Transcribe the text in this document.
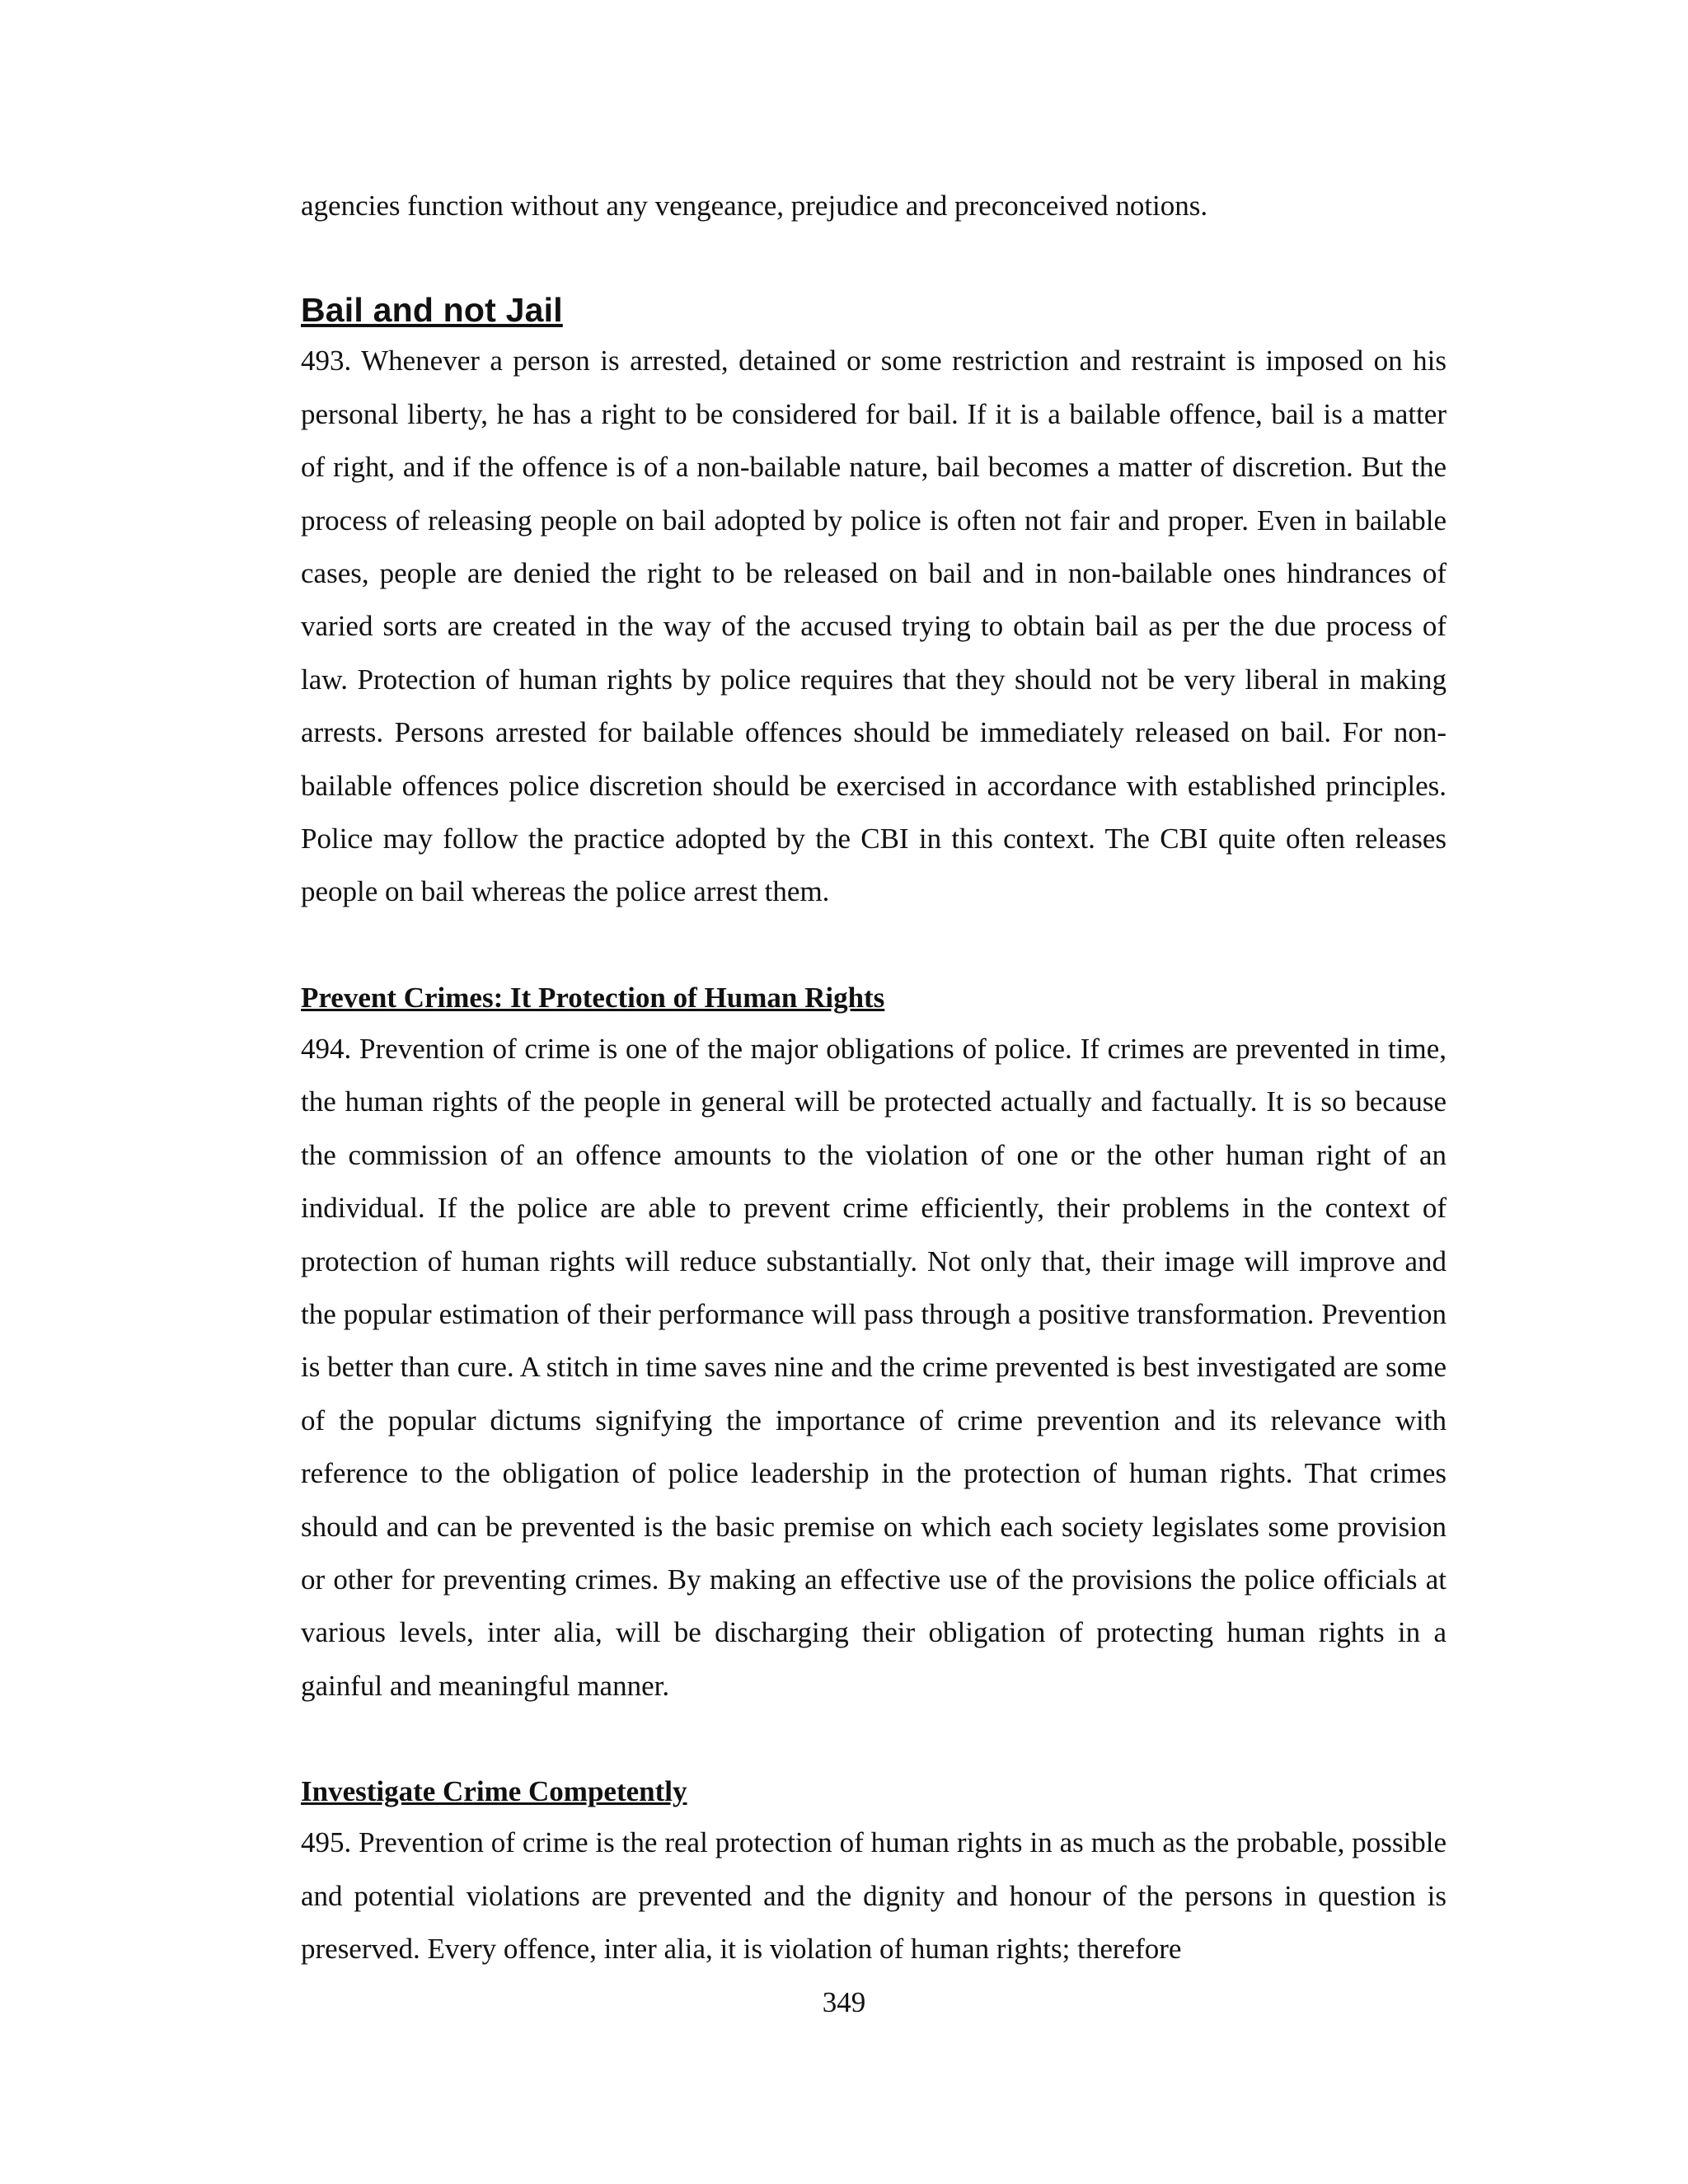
agencies function without any vengeance, prejudice and preconceived notions.

Bail and not Jail

493. Whenever a person is arrested, detained or some restriction and restraint is imposed on his personal liberty, he has a right to be considered for bail. If it is a bailable offence, bail is a matter of right, and if the offence is of a non-bailable nature, bail becomes a matter of discretion. But the process of releasing people on bail adopted by police is often not fair and proper. Even in bailable cases, people are denied the right to be released on bail and in non-bailable ones hindrances of varied sorts are created in the way of the accused trying to obtain bail as per the due process of law. Protection of human rights by police requires that they should not be very liberal in making arrests. Persons arrested for bailable offences should be immediately released on bail. For non-bailable offences police discretion should be exercised in accordance with established principles. Police may follow the practice adopted by the CBI in this context. The CBI quite often releases people on bail whereas the police arrest them.

Prevent Crimes: It Protection of Human Rights

494. Prevention of crime is one of the major obligations of police. If crimes are prevented in time, the human rights of the people in general will be protected actually and factually. It is so because the commission of an offence amounts to the violation of one or the other human right of an individual. If the police are able to prevent crime efficiently, their problems in the context of protection of human rights will reduce substantially. Not only that, their image will improve and the popular estimation of their performance will pass through a positive transformation. Prevention is better than cure. A stitch in time saves nine and the crime prevented is best investigated are some of the popular dictums signifying the importance of crime prevention and its relevance with reference to the obligation of police leadership in the protection of human rights. That crimes should and can be prevented is the basic premise on which each society legislates some provision or other for preventing crimes. By making an effective use of the provisions the police officials at various levels, inter alia, will be discharging their obligation of protecting human rights in a gainful and meaningful manner.

Investigate Crime Competently

495. Prevention of crime is the real protection of human rights in as much as the probable, possible and potential violations are prevented and the dignity and honour of the persons in question is preserved. Every offence, inter alia, it is violation of human rights; therefore

349
